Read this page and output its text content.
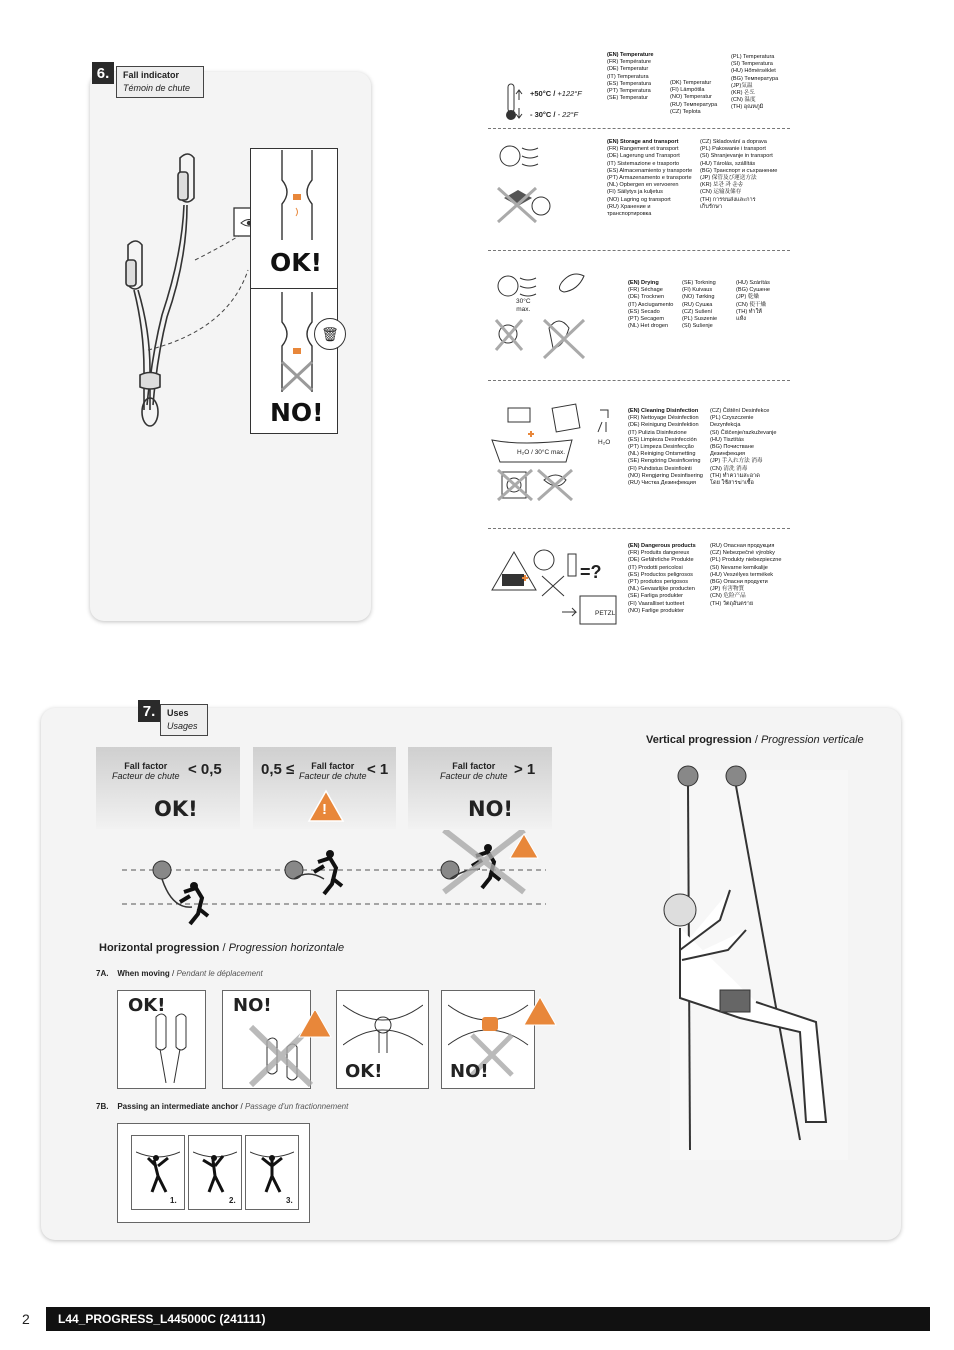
6.	Fall indicator
Témoin de chute
OK!
🗑
NO!
+50°C / +122°F
- 30°C / - 22°F
(EN) Temperature
(FR) Température
(DE) Temperatur
(IT) Temperatura
(ES) Temperatura
(PT) Temperatura
(SE) Temperatur
(DK) Temperatur
(FI) Lämpötila
(NO) Temperatur
(RU) Температура
(CZ) Teplota
(PL) Temperatura
(SI) Temperatura
(HU) Hőmérséklet
(BG) Температура
(JP)気温
(KR) 온도
(CN) 温度
(TH) อุณหภูมิ
(EN) Storage and transport
(FR) Rangement et transport
(DE) Lagerung und Transport
(IT) Sistemazione e trasporto
(ES) Almacenamiento y transporte
(PT) Armazenamento e transporte
(NL) Opbergen en vervoeren
(FI) Säilytys ja kuljetus
(NO) Lagring og transport
(RU) Хранение и
транспортировка
(CZ) Skladování a doprava
(PL) Pakowanie i transport
(SI) Shranjevanje in transport
(HU) Tárolás, szállítás
(BG) Транспорт и съхранение
(JP) 保管及び運送方法
(KR) 보관 과 운송
(CN) 运输及储存
(TH) การขนส่งและการ
เก็บรักษา
30°C
max.
(EN) Drying
(FR) Séchage
(DE) Trocknen
(IT) Asciugamento
(ES) Secado
(PT) Secagem
(NL) Het drogen
(SE) Torkning
(FI) Kuivaus
(NO) Tørking
(RU) Сушка
(CZ) Sušení
(PL) Suszenie
(SI) Sušenje
(HU) Szárítás
(BG) Сушене
(JP) 乾燥
(CN) 使干燥
(TH) ทำให้
แห้ง
H₂O / 30°C max.
H₂O
(EN) Cleaning Disinfection
(FR) Nettoyage Désinfection
(DE) Reinigung Desinfektion
(IT) Pulizia Disinfezione
(ES) Limpieza Desinfección
(PT) Limpeza Desinfecção
(NL) Reiniging Ontsmetting
(SE) Rengöring Desinficering
(FI) Puhdistus Desinfiointi
(NO) Rengjøring Desinfisering
(RU) Чистка Дезинфекция
(CZ) Čištění Desinfekce
(PL) Czyszczenie
Dezynfekcja
(SI) Čiščenje/razkuževanje
(HU) Tisztítás
(BG) Почистване
Дезинфекция
(JP) 手入れ方法 消毒
(CN) 清洗 消毒
(TH) ทำความสะอาด
โดย ใช้สารฆ่าเชื้อ
=?
PETZL
(EN) Dangerous products
(FR) Produits dangereux
(DE) Gefährliche Produkte
(IT) Prodotti pericolosi
(ES) Productos peligrosos
(PT) produtos perigosos
(NL) Gevaarlijke producten
(SE) Farliga produkter
(FI) Vaaralliset tuotteet
(NO) Farlige produkter
(RU) Опасная продукция
(CZ) Nebezpečné výrobky
(PL) Produkty niebezpieczne
(SI) Nevarne kemikalije
(HU) Veszélyes termékek
(BG) Опасни продукти
(JP) 有害物質
(CN) 危险产品
(TH) วัตถุอันตราย
7.	Uses
Usages
Fall factor
Facteur de chute < 0,5
OK!
0,5 ≤	Fall factor
Facteur de chute < 1
!
Fall factor
Facteur de chute > 1
NO!
Horizontal progression / Progression horizontale
7A. When moving / Pendant le déplacement
OK!	NO!
OK!	NO!
7B. Passing an intermediate anchor / Passage d'un fractionnement
1.	2.	3.
Vertical progression / Progression verticale
2 L44_PROGRESS_L445000C (241111)
